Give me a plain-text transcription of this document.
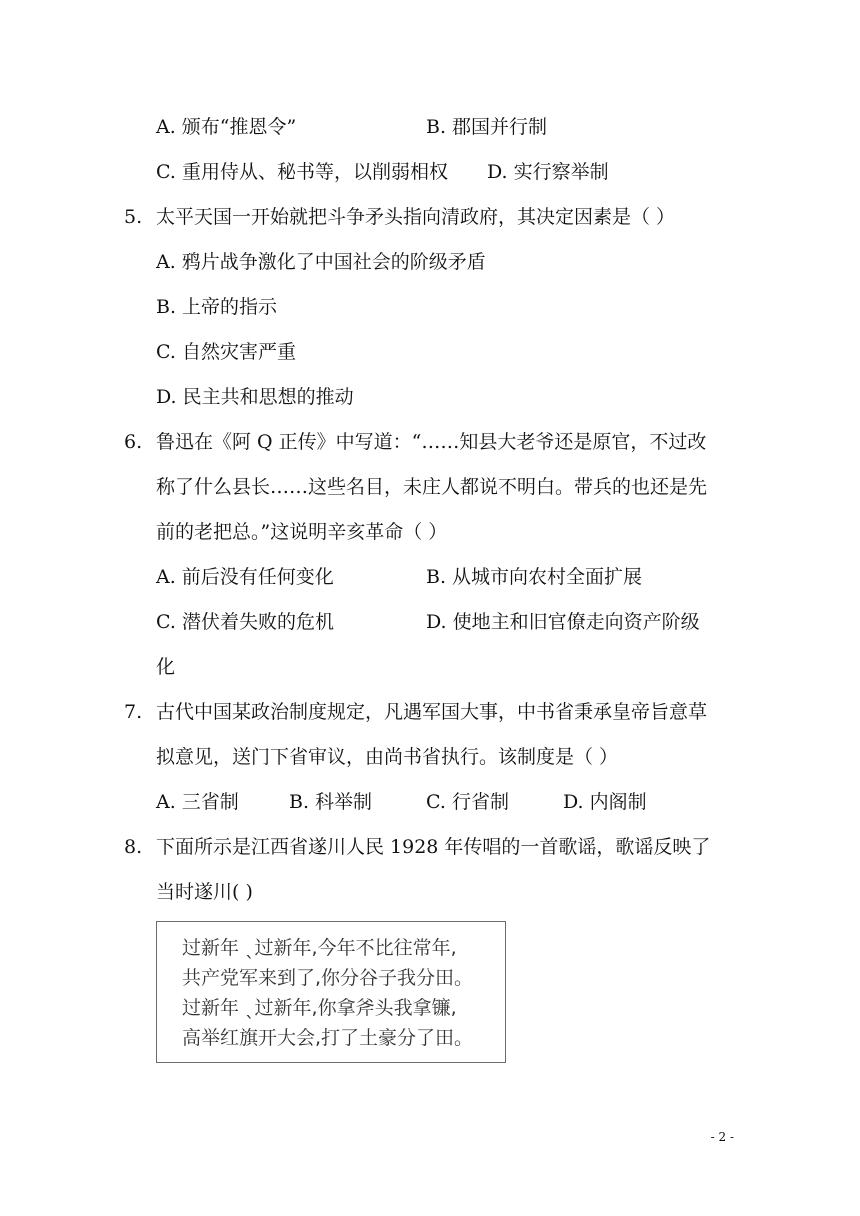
A. 颁布“推恩令”	B. 郡国并行制
C. 重用侍从、秘书等，以削弱相权 D. 实行察举制
5. 太平天国一开始就把斗争矛头指向清政府，其决定因素是（ ）
A. 鸦片战争激化了中国社会的阶级矛盾
B. 上帝的指示
C. 自然灾害严重
D. 民主共和思想的推动
6. 鲁迅在《阿 Q 正传》中写道：“……知县大老爷还是原官，不过改
称了什么县长……这些名目，未庄人都说不明白。带兵的也还是先
前的老把总。”这说明辛亥革命（ ）
A. 前后没有任何变化	B. 从城市向农村全面扩展
C. 潜伏着失败的危机	D. 使地主和旧官僚走向资产阶级
化
7. 古代中国某政治制度规定，凡遇军国大事，中书省秉承皇帝旨意草
拟意见，送门下省审议，由尚书省执行。该制度是（ ）
A. 三省制	B. 科举制	C. 行省制	D. 内阁制
8. 下面所示是江西省遂川人民 1928 年传唱的一首歌谣，歌谣反映了
当时遂川( )
过新年 ˎ过新年,今年不比往常年,
共产党军来到了,你分谷子我分田。
过新年 ˎ过新年,你拿斧头我拿镰,
高举红旗开大会,打了土豪分了田。
- 2 -
